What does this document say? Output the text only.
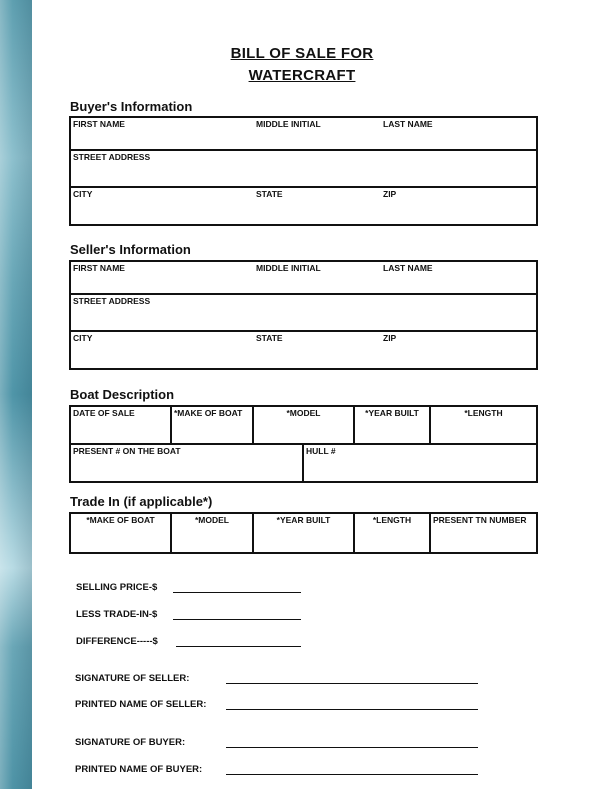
BILL OF SALE FOR
WATERCRAFT
Buyer's Information
FIRST NAME	MIDDLE INITIAL	LAST NAME
STREET ADDRESS		
CITY	STATE	ZIP
Seller's Information
FIRST NAME	MIDDLE INITIAL	LAST NAME
STREET ADDRESS		
CITY	STATE	ZIP
Boat Description
DATE OF SALE	*MAKE OF BOAT	*MODEL		*YEAR BUILT	*LENGTH
PRESENT # ON THE BOAT			HULL #		
Trade In (if applicable*)
*MAKE OF BOAT	*MODEL	*YEAR BUILT	*LENGTH	PRESENT TN NUMBER
SELLING PRICE-$
LESS TRADE-IN-$
DIFFERENCE-----$
SIGNATURE OF SELLER:
PRINTED NAME OF SELLER:
SIGNATURE OF BUYER:
PRINTED NAME OF BUYER:
